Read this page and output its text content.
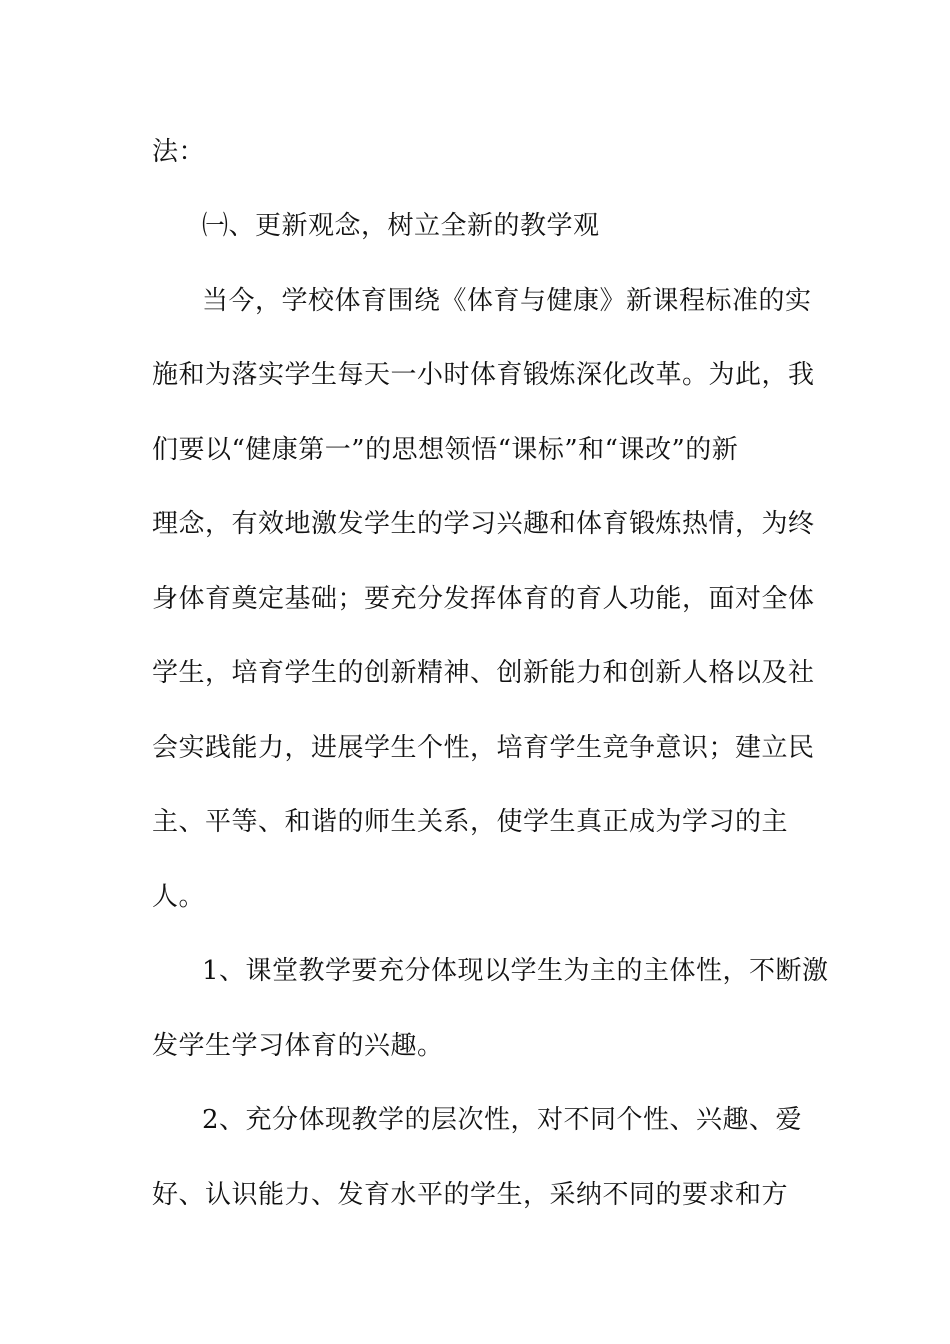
法：
㈠、更新观念，树立全新的教学观
当今，学校体育围绕《体育与健康》新课程标准的实
施和为落实学生每天一小时体育锻炼深化改革。为此，我
们要以“健康第一”的思想领悟“课标”和“课改”的新
理念，有效地激发学生的学习兴趣和体育锻炼热情，为终
身体育奠定基础；要充分发挥体育的育人功能，面对全体
学生，培育学生的创新精神、创新能力和创新人格以及社
会实践能力，进展学生个性，培育学生竞争意识；建立民
主、平等、和谐的师生关系，使学生真正成为学习的主
人。
1、课堂教学要充分体现以学生为主的主体性，不断激
发学生学习体育的兴趣。
2、充分体现教学的层次性，对不同个性、兴趣、爱
好、认识能力、发育水平的学生，采纳不同的要求和方
